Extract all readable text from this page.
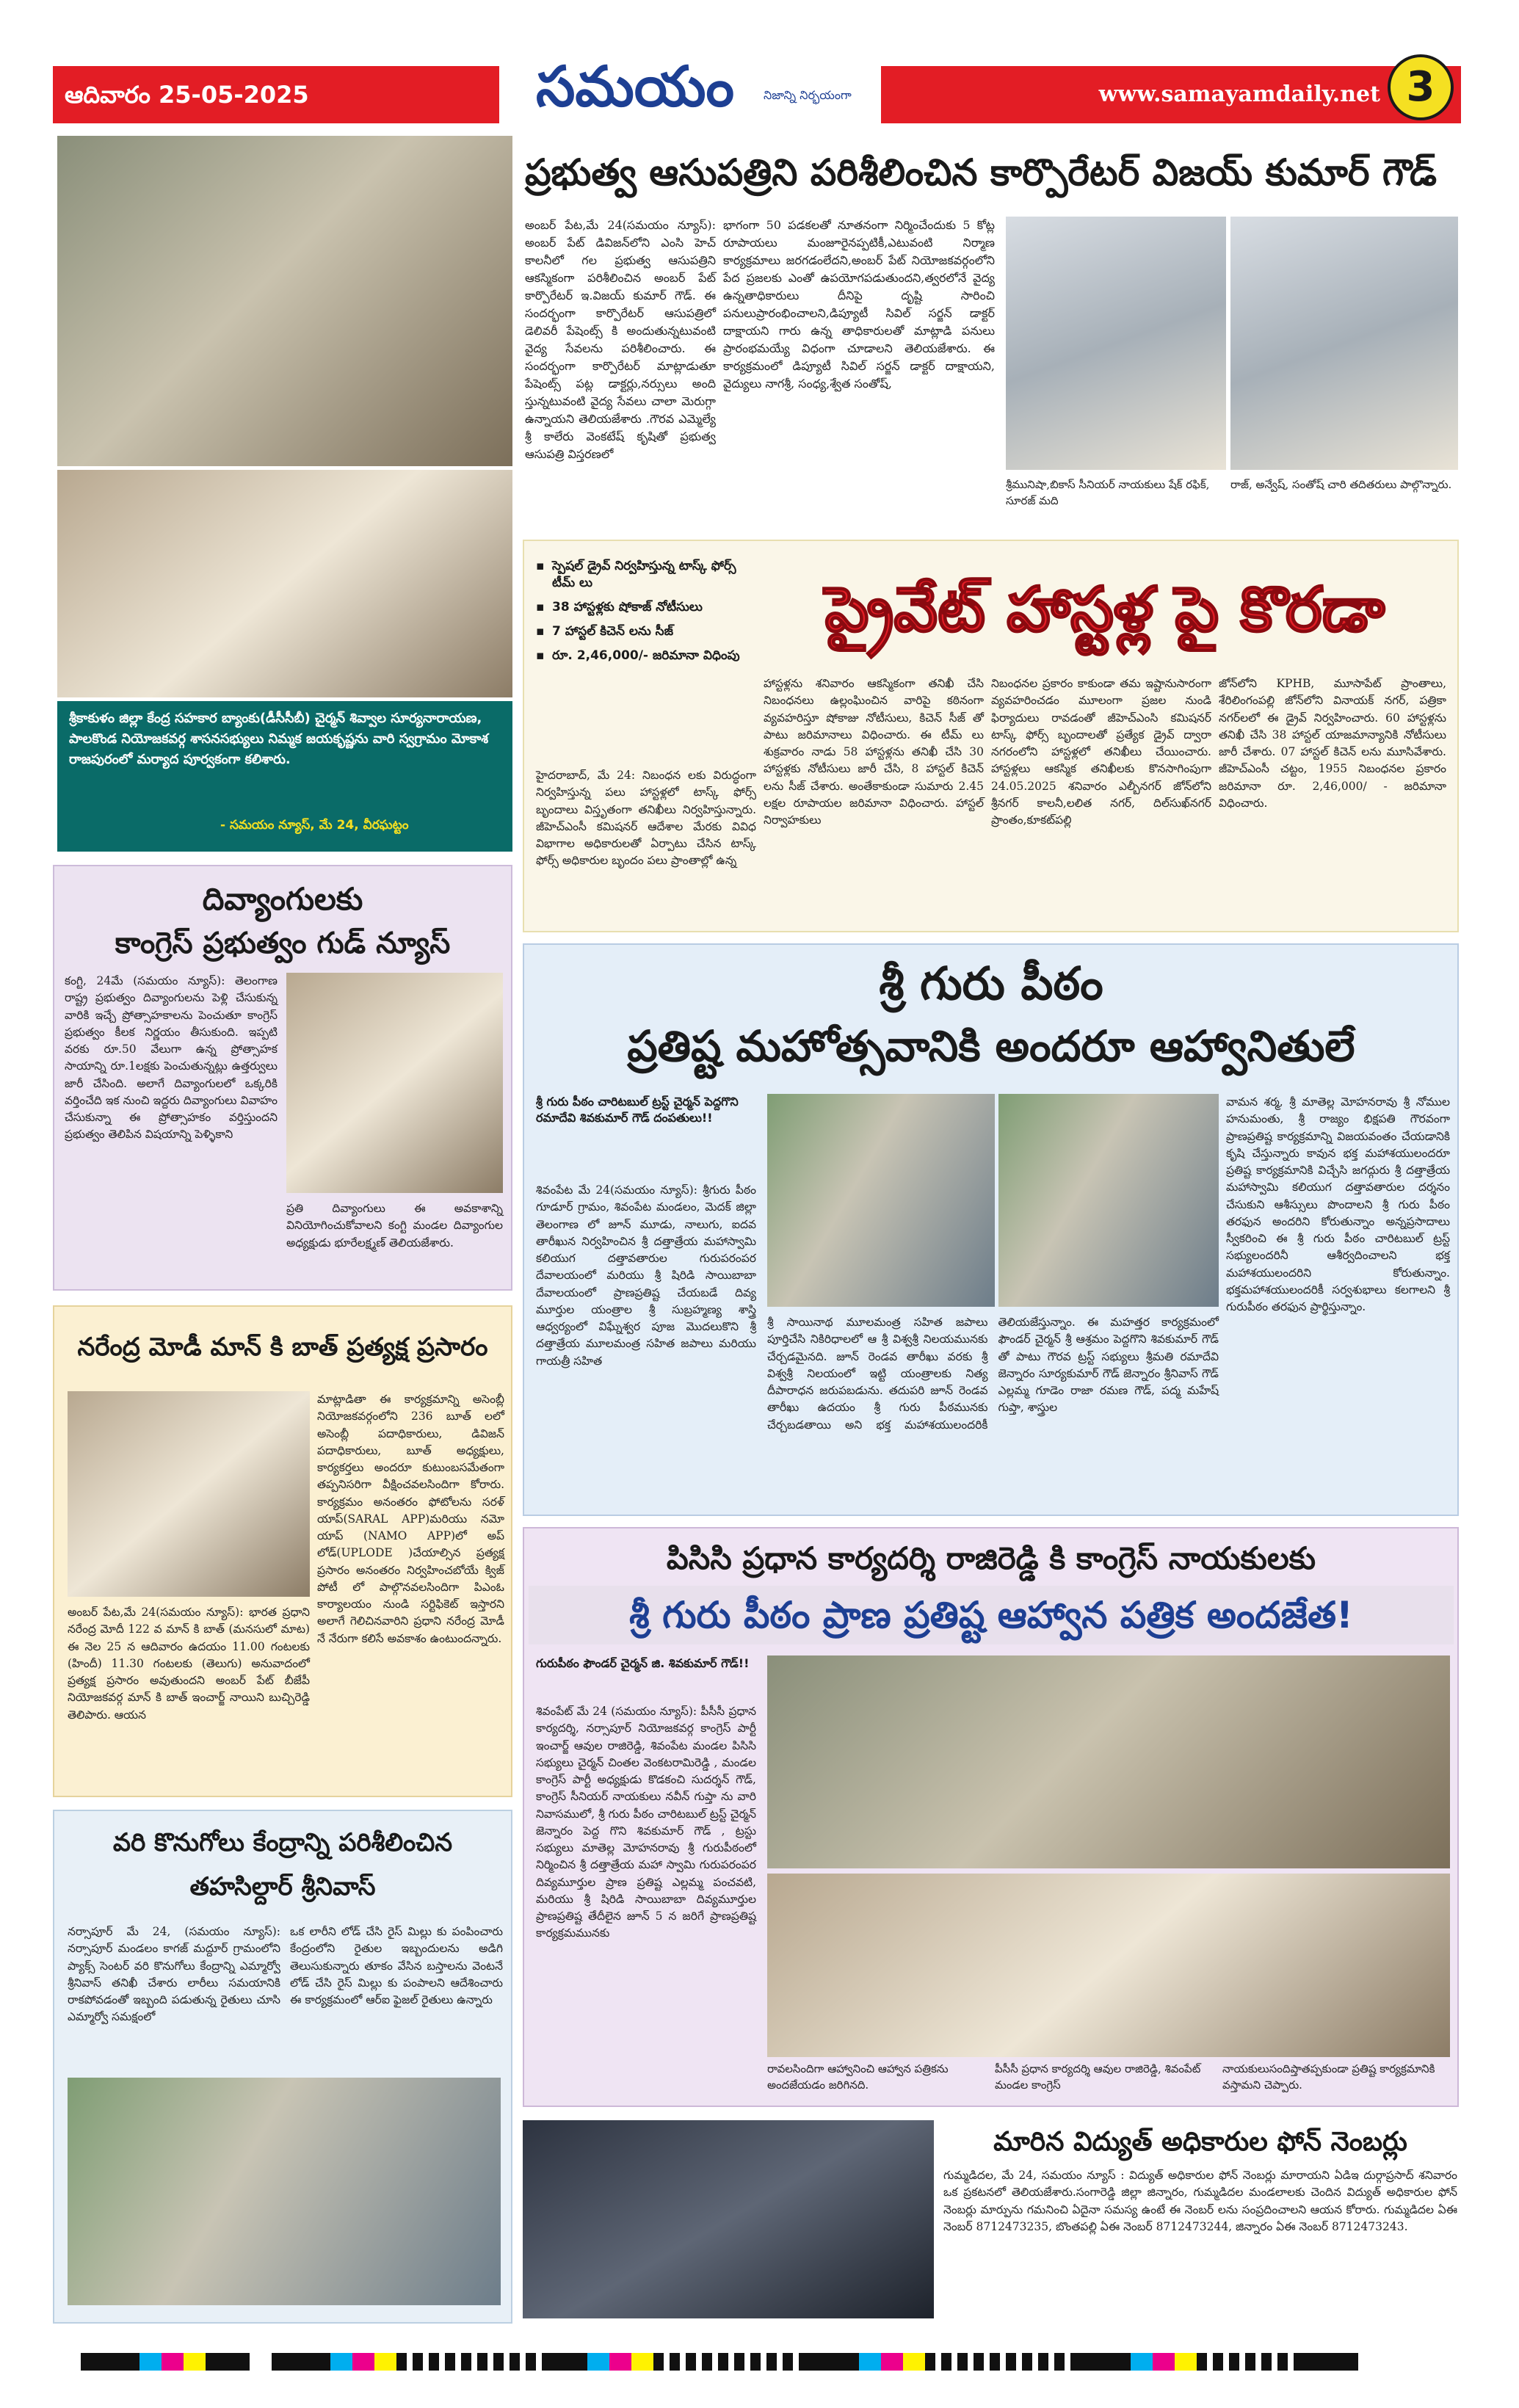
ఆదివారం 25-05-2025	సమయం	నిజాన్ని నిర్భయంగా	www.samayamdaily.net 3
శ్రీకాకుళం జిల్లా కేంద్ర సహకార బ్యాంకు(డీసీసీబీ) చైర్మన్ శివ్వాల సూర్యనారాయణ, పాలకొండ నియోజకవర్గ శాసనసభ్యులు నిమ్మక జయకృష్ణను వారి స్వగ్రామం మోకాశ రాజపురంలో మర్యాద పూర్వకంగా కలిశారు.
- సమయం న్యూస్, మే 24, వీరఘట్టం
ప్రభుత్వ ఆసుపత్రిని పరిశీలించిన కార్పొరేటర్ విజయ్ కుమార్ గౌడ్
అంబర్ పేట,మే 24(సమయం న్యూస్): అంబర్ పేట్ డివిజన్‌లోని ఎంసి హెచ్ కాలనీలో గల ప్రభుత్వ ఆసుపత్రిని ఆకస్మికంగా పరిశీలించిన అంబర్ పేట్ కార్పొరేటర్ ఇ.విజయ్ కుమార్ గౌడ్. ఈ సందర్భంగా కార్పొరేటర్ ఆసుపత్రిలో డెలివరీ పేషెంట్స్ కి అందుతున్నటువంటి వైద్య సేవలను పరిశీలించారు. ఈ సందర్భంగా కార్పొరేటర్ మాట్లాడుతూ పేషెంట్స్ పట్ల డాక్టర్లు,నర్సులు అంది స్తున్నటువంటి వైద్య సేవలు చాలా మెరుగ్గా ఉన్నాయని తెలియజేశారు .గౌరవ ఎమ్మెల్యే శ్రీ కాలేరు వెంకటేష్ కృషితో ప్రభుత్వ ఆసుపత్రి విస్తరణలో
భాగంగా 50 పడకలతో నూతనంగా నిర్మించేందుకు 5 కోట్ల రూపాయలు మంజూరైనప్పటికీ,ఎటువంటి నిర్మాణ కార్యక్రమాలు జరగడంలేదని,అంబర్ పేట్ నియోజకవర్గంలోని పేద ప్రజలకు ఎంతో ఉపయోగపడుతుందని,త్వరలోనే వైద్య ఉన్నతాధికారులు దీనిపై దృష్టి సారించి పనులుప్రారంభించాలని,డిప్యూటీ సివిల్ సర్జన్ డాక్టర్ దాక్షాయని గారు ఉన్న తాధికారులతో మాట్లాడి పనులు ప్రారంభమయ్యే విధంగా చూడాలని తెలియజేశారు. ఈ కార్యక్రమంలో డిప్యూటీ సివిల్ సర్జన్ డాక్టర్ దాక్షాయని, వైద్యులు నాగశ్రీ, సంధ్య,శ్వేత సంతోష్,
శ్రీమునిషా,బికాస్ సీనియర్ నాయకులు షేక్ రఫిక్, సూరజ్ మది
రాజ్, అన్వేష్, సంతోష్ చారి తదితరులు పాల్గొన్నారు.
▪ స్పెషల్ డ్రైవ్ నిర్వహిస్తున్న టాస్క్ ఫోర్స్ టీమ్ లు
▪ 38 హాస్టళ్లకు షోకాజ్ నోటీసులు
▪ 7 హాస్టల్ కిచెన్ లను సీజ్
▪ రూ. 2,46,000/- జరిమానా విధింపు
ప్రైవేట్ హాస్టళ్ల పై కొరడా
హైదరాబాద్, మే 24: నిబంధన లకు విరుద్ధంగా నిర్వహిస్తున్న పలు హాస్టళ్లలో టాస్క్ ఫోర్స్ బృందాలు విస్తృతంగా తనిఖీలు నిర్వహిస్తున్నారు. జీహెచ్ఎంసీ కమిషనర్ ఆదేశాల మేరకు వివిధ విభాగాల అధికారులతో ఏర్పాటు చేసిన టాస్క్ ఫోర్స్ అధికారుల బృందం పలు ప్రాంతాల్లో ఉన్న
హాస్టళ్లను శనివారం ఆకస్మికంగా తనిఖీ చేసి నిబంధనలు ఉల్లంఘించిన వారిపై కఠినంగా వ్యవహరిస్తూ షోకాజు నోటీసులు, కిచెన్ సీజ్ తో పాటు జరిమానాలు విధించారు. ఈ టీమ్ లు శుక్రవారం నాడు 58 హాస్టళ్లను తనిఖీ చేసి 30 హాస్టళ్లకు నోటీసులు జారీ చేసి, 8 హాస్టల్ కిచెన్ లను సీజ్ చేశారు. అంతేకాకుండా సుమారు 2.45 లక్షల రూపాయల జరిమానా విధించారు. హాస్టల్ నిర్వాహకులు
నిబంధనల ప్రకారం కాకుండా తమ ఇష్టానుసారంగా వ్యవహరించడం మూలంగా ప్రజల నుండి ఫిర్యాదులు రావడంతో జీహెచ్ఎంసి కమిషనర్ టాస్క్ ఫోర్స్ బృందాలతో ప్రత్యేక డ్రైవ్ ద్వారా నగరంలోని హాస్టళ్లలో తనిఖీలు చేయించారు. హాస్టళ్లలు ఆకస్మిక తనిఖీలకు కొనసాగింపుగా 24.05.2025 శనివారం ఎల్బీనగర్ జోన్‌లోని శ్రీనగర్ కాలనీ,లలిత నగర్, దిల్‌సుఖ్‌నగర్ ప్రాంతం,కూకట్‌పల్లి
జోన్‌లోని KPHB, మూసాపేట్ ప్రాంతాలు, శేరిలింగంపల్లి జోన్‌లోని వినాయక్ నగర్, పత్రికా నగర్‌లలో ఈ డ్రైవ్ నిర్వహించారు. 60 హాస్టళ్లను తనిఖీ చేసి 38 హాస్టల్ యాజమాన్యానికి నోటీసులు జారీ చేశారు. 07 హాస్టల్ కిచెన్ లను మూసివేశారు. జీహెచ్ఎంసీ చట్టం, 1955 నిబంధనల ప్రకారం జరిమానా రూ. 2,46,000/ - జరిమానా విధించారు.
దివ్యాంగులకు
కాంగ్రెస్ ప్రభుత్వం గుడ్ న్యూస్
కంగ్టి, 24మే (సమయం న్యూస్): తెలంగాణ రాష్ట్ర ప్రభుత్వం దివ్యాంగులను పెళ్లి చేసుకున్న వారికి ఇచ్చే ప్రోత్సాహకాలను పెంచుతూ కాంగ్రెస్ ప్రభుత్వం కీలక నిర్ణయం తీసుకుంది. ఇప్పటి వరకు రూ.50 వేలుగా ఉన్న ప్రోత్సాహక సాయాన్ని రూ.1లక్షకు పెంచుతున్నట్లు ఉత్తర్వులు జారీ చేసింది. అలాగే దివ్యాంగులలో ఒక్కరికి వర్తించేది ఇక నుంచి ఇద్దరు దివ్యాంగులు వివాహం చేసుకున్నా ఈ ప్రోత్సాహకం వర్తిస్తుందని ప్రభుత్వం తెలిపిన విషయాన్ని పెళ్ళికాని
ప్రతి దివ్యాంగులు ఈ అవకాశాన్ని వినియోగించుకోవాలని కంగ్టి మండల దివ్యాంగుల అధ్యక్షుడు భూరేలక్ష్మణ్ తెలియజేశారు.
శ్రీ గురు పీఠం
ప్రతిష్ట మహోత్సవానికి అందరూ ఆహ్వానితులే
శ్రీ గురు పీఠం చారిటబుల్ ట్రస్ట్ చైర్మన్ పెద్దగొని రమాదేవి శివకుమార్ గౌడ్ దంపతులు!!
శివంపేట మే 24(సమయం న్యూస్): శ్రీగురు పీఠం గూడూర్ గ్రామం, శివంపేట మండలం, మెదక్ జిల్లా తెలంగాణ లో జూన్ మూడు, నాలుగు, ఐదవ తారీఖున నిర్వహించిన శ్రీ దత్తాత్రేయ మహాస్వామి కలియుగ దత్తావతారుల గురుపరంపర దేవాలయంలో మరియు శ్రీ షిరిడి సాయిబాబా దేవాలయంలో ప్రాణప్రతిష్ట చేయబడే దివ్య మూర్తుల యంత్రాల శ్రీ సుబ్రహ్మణ్య శాస్త్రి ఆధ్వర్యంలో విఘ్నేశ్వర పూజ మొదలుకొని శ్రీ దత్తాత్రేయ మూలమంత్ర సహిత జపాలు మరియు గాయత్రీ సహిత
శ్రీ సాయినాథ మూలమంత్ర సహిత జపాలు పూర్తిచేసి నికిరిధాలలో ఆ శ్రీ విశ్వశ్రీ నిలయమునకు చేర్చడమైనది. జూన్ రెండవ తారీఖు వరకు శ్రీ విశ్వశ్రీ నిలయంలో ఇట్టి యంత్రాలకు నిత్య దీపారాధన జరుపబడును. తదుపరి జూన్ రెండవ తారీఖు ఉదయం శ్రీ గురు పీఠమునకు చేర్చబడతాయి అని భక్త మహాశయులందరికీ తెలియజేస్తున్నాం. ఈ మహత్తర కార్యక్రమంలో ఫౌండర్ చైర్మన్ శ్రీ ఆశ్రమం పెద్దగొని శివకుమార్ గౌడ్ తో పాటు గౌరవ ట్రస్ట్ సభ్యులు శ్రీమతి రమాదేవి జెన్నారం సూర్యకుమార్ గౌడ్ జెన్నారం శ్రీనివాస్ గౌడ్ ఎల్లమ్మ గూడెం రాజా రమణ గౌడ్, పద్మ మహేష్ గుప్తా, శాస్త్రుల
వామన శర్మ, శ్రీ మాతెల్ల మోహనరావు శ్రీ నోముల హనుమంతు, శ్రీ రాజ్యం భిక్షపతి గౌరవంగా ప్రాణప్రతిష్ట కార్యక్రమాన్ని విజయవంతం చేయడానికి కృషి చేస్తున్నారు కావున భక్త మహాశయులందరూ ప్రతిష్ట కార్యక్రమానికి విచ్చేసి జగద్గురు శ్రీ దత్తాత్రేయ మహాస్వామి కలియుగ దత్తావతారుల దర్శనం చేసుకుని ఆశీస్సులు పొందాలని శ్రీ గురు పీఠం తరఫున అందరిని కోరుతున్నాం అన్నప్రసాదాలు స్వీకరించి ఈ శ్రీ గురు పీఠం చారిటబుల్ ట్రస్ట్ సభ్యులందరినీ ఆశీర్వదించాలని భక్త మహాశయులందరిని కోరుతున్నాం. భక్తమహాశయులందరికీ సర్వశుభాలు కలగాలని శ్రీ గురుపీఠం తరఫున ప్రార్థిస్తున్నాం.
నరేంద్ర మోడీ మాన్ కి బాత్ ప్రత్యక్ష ప్రసారం
మాట్లాడితా ఈ కార్యక్రమాన్ని అసెంబ్లీ నియోజకవర్గంలోని 236 బూత్ లలో అసెంబ్లీ పదాధికారులు, డివిజన్ పదాధికారులు, బూత్ అధ్యక్షులు, కార్యకర్తలు అందరూ కుటుంబసమేతంగా తప్పనిసరిగా వీక్షించవలసిందిగా కోరారు. కార్యక్రమం అనంతరం ఫోటోలను సరళ్ యాప్(SARAL APP)మరియు నమో యాప్ (NAMO APP)లో అప్ లోడ్(UPLODE )చేయాల్సిన ప్రత్యక్ష ప్రసారం అనంతరం నిర్వహించబోయే క్విజ్ పోటీ లో పాల్గొనవలసిందిగా పిఎంఓ కార్యాలయం నుండి సర్టిఫికెట్ ఇస్తారని అలాగే గెలిచినవారిని ప్రధాని నరేంద్ర మోడీ నే నేరుగా కలిసే అవకాశం ఉంటుందన్నారు.
అంబర్ పేట,మే 24(సమయం న్యూస్): భారత ప్రధాని నరేంద్ర మోదీ 122 వ మాన్ కి బాత్ (మనసులో మాట) ఈ నెల 25 న ఆదివారం ఉదయం 11.00 గంటలకు (హిందీ) 11.30 గంటలకు (తెలుగు) అనువాదంలో ప్రత్యక్ష ప్రసారం అవుతుందని అంబర్ పేట్ బీజేపీ నియోజకవర్గ మాన్ కి బాత్ ఇంచార్జ్ నాయిని బుచ్చిరెడ్డి తెలిపారు. ఆయన
పిసిసి ప్రధాన కార్యదర్శి రాజిరెడ్డి కి కాంగ్రెస్ నాయకులకు
శ్రీ గురు పీఠం ప్రాణ ప్రతిష్ట ఆహ్వాన పత్రిక అందజేత!
గురుపీఠం ఫౌండర్ చైర్మన్ జి. శివకుమార్ గౌడ్!!
శివంపేట్ మే 24 (సమయం న్యూస్): పీసీసీ ప్రధాన కార్యదర్శి, నర్సాపూర్ నియోజకవర్గ కాంగ్రెస్ పార్టీ ఇంచార్జ్ ఆవుల రాజిరెడ్డి, శివంపేట మండల పిసిసి సభ్యులు చైర్మన్ చింతల వెంకటరామిరెడ్డి , మండల కాంగ్రెస్ పార్టీ అధ్యక్షుడు కొడకంచి సుదర్శన్ గౌడ్, కాంగ్రెస్ సీనియర్ నాయకులు నవీన్ గుప్తా ను వారి నివాసములో, శ్రీ గురు పీఠం చారిటబుల్ ట్రస్ట్ చైర్మన్ జెన్నారం పెద్ద గొని శివకుమార్ గౌడ్ , ట్రస్టు సభ్యులు మాతెల్ల మోహనరావు శ్రీ గురుపీఠంలో నిర్మించిన శ్రీ దత్తాత్రేయ మహా స్వామి గురుపరంపర దివ్యమూర్తుల ప్రాణ ప్రతిష్ట ఎల్లమ్మ పంచవటి, మరియు శ్రీ షిరిడి సాయిబాబా దివ్యమూర్తుల ప్రాణప్రతిష్ట తేదీలైన జూన్ 5 న జరిగే ప్రాణప్రతిష్ట కార్యక్రమమునకు
రావలసిందిగా ఆహ్వానించి ఆహ్వాన పత్రికను అందజేయడం జరిగినది.
పీసీసీ ప్రధాన కార్యదర్శి ఆవుల రాజిరెడ్డి, శివంపేట్ మండల కాంగ్రెస్
నాయకులుసందిప్తాతప్పకుండా ప్రతిష్ట కార్యక్రమానికి వస్తామని చెప్పారు.
వరి కొనుగోలు కేంద్రాన్ని పరిశీలించిన
తహసిల్దార్ శ్రీనివాస్
నర్సాపూర్ మే 24, (సమయం న్యూస్): నర్సాపూర్ మండలం కాగజ్ మద్దూర్ గ్రామంలోని ప్యాక్స్ సెంటర్ వరి కొనుగోలు కేంద్రాన్ని ఎమ్మార్వో శ్రీనివాస్ తనిఖీ చేశారు లారీలు సమయానికి రాకపోవడంతో ఇబ్బంది పడుతున్న రైతులు చూసి ఎమ్మార్వో సమక్షంలో
ఒక లారీని లోడ్ చేసి రైస్ మిల్లు కు పంపించారు కేంద్రంలోని రైతుల ఇబ్బందులను అడిగి తెలుసుకున్నారు తూకం వేసిన బస్తాలను వెంటనే లోడ్ చేసి రైస్ మిల్లు కు పంపాలని ఆదేశించారు ఈ కార్యక్రమంలో ఆర్ఐ ఫైజల్ రైతులు ఉన్నారు
మారిన విద్యుత్ అధికారుల ఫోన్ నెంబర్లు
గుమ్మడిదల, మే 24, సమయం న్యూస్ : విద్యుత్ అధికారుల ఫోన్ నెంబర్లు మారాయని ఏడిఇ దుర్గాప్రసాద్ శనివారం ఒక ప్రకటనలో తెలియజేశారు.సంగారెడ్డి జిల్లా జిన్నారం, గుమ్మడిదల మండలాలకు చెందిన విద్యుత్ అధికారుల ఫోన్ నెంబర్లు మార్పును గమనించి ఏదైనా సమస్య ఉంటే ఈ నెంబర్ లను సంప్రదించాలని ఆయన కోరారు. గుమ్మడిదల ఏఈ నెంబర్ 8712473235, బొంతపల్లి ఏఈ నెంబర్ 8712473244, జిన్నారం ఏఈ నెంబర్ 8712473243.
